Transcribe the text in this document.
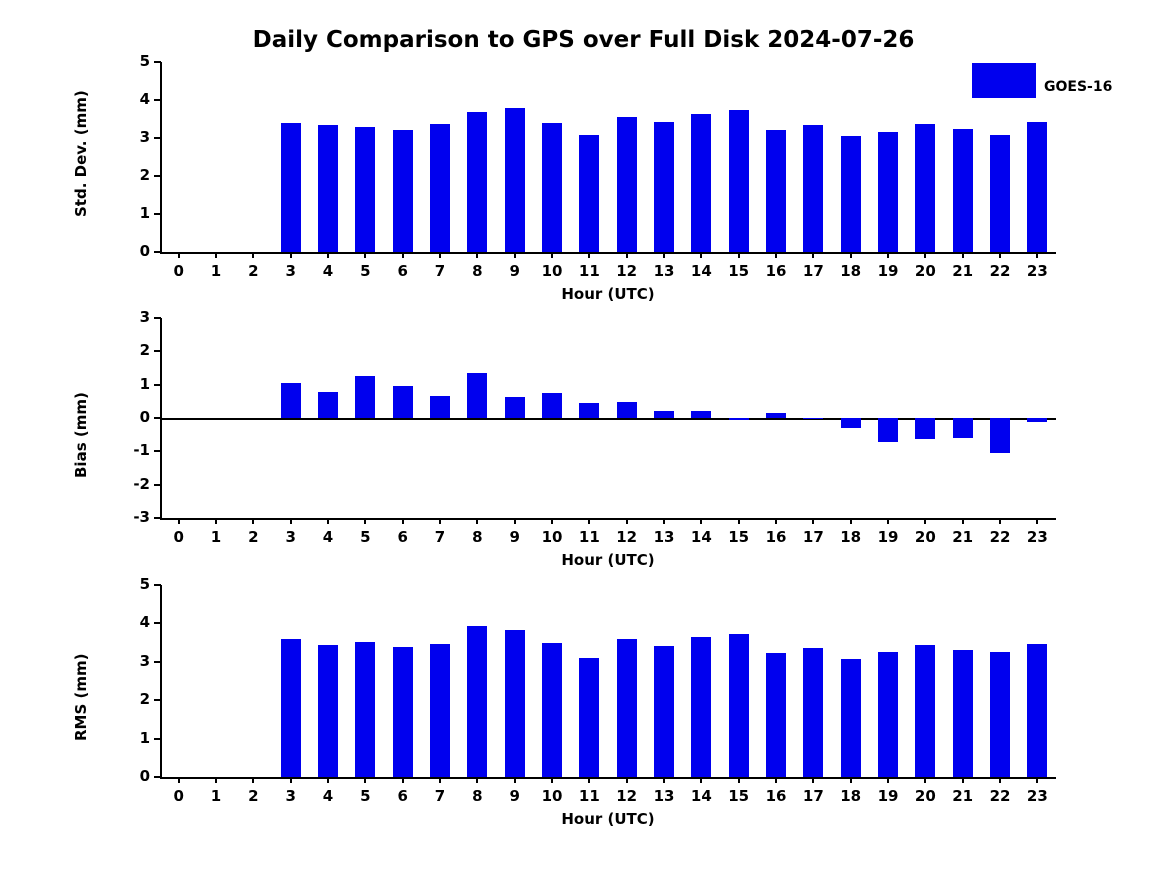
Daily Comparison to GPS over Full Disk 2024-07-26
0
1
2
3
4
5
0	1	2	3	4	5	6	7	8	9	10	11	12	13	14	15	16	17	18	19	20	21	22	23
Std. Dev. (mm)
Hour (UTC)
-3
-2
-1
0
1
2
3
0	1	2	3	4	5	6	7	8	9	10	11	12	13	14	15	16	17	18	19	20	21	22	23
Bias (mm)
Hour (UTC)
0
1
2
3
4
5
0	1	2	3	4	5	6	7	8	9	10	11	12	13	14	15	16	17	18	19	20	21	22	23
RMS (mm)
Hour (UTC)
GOES-16
